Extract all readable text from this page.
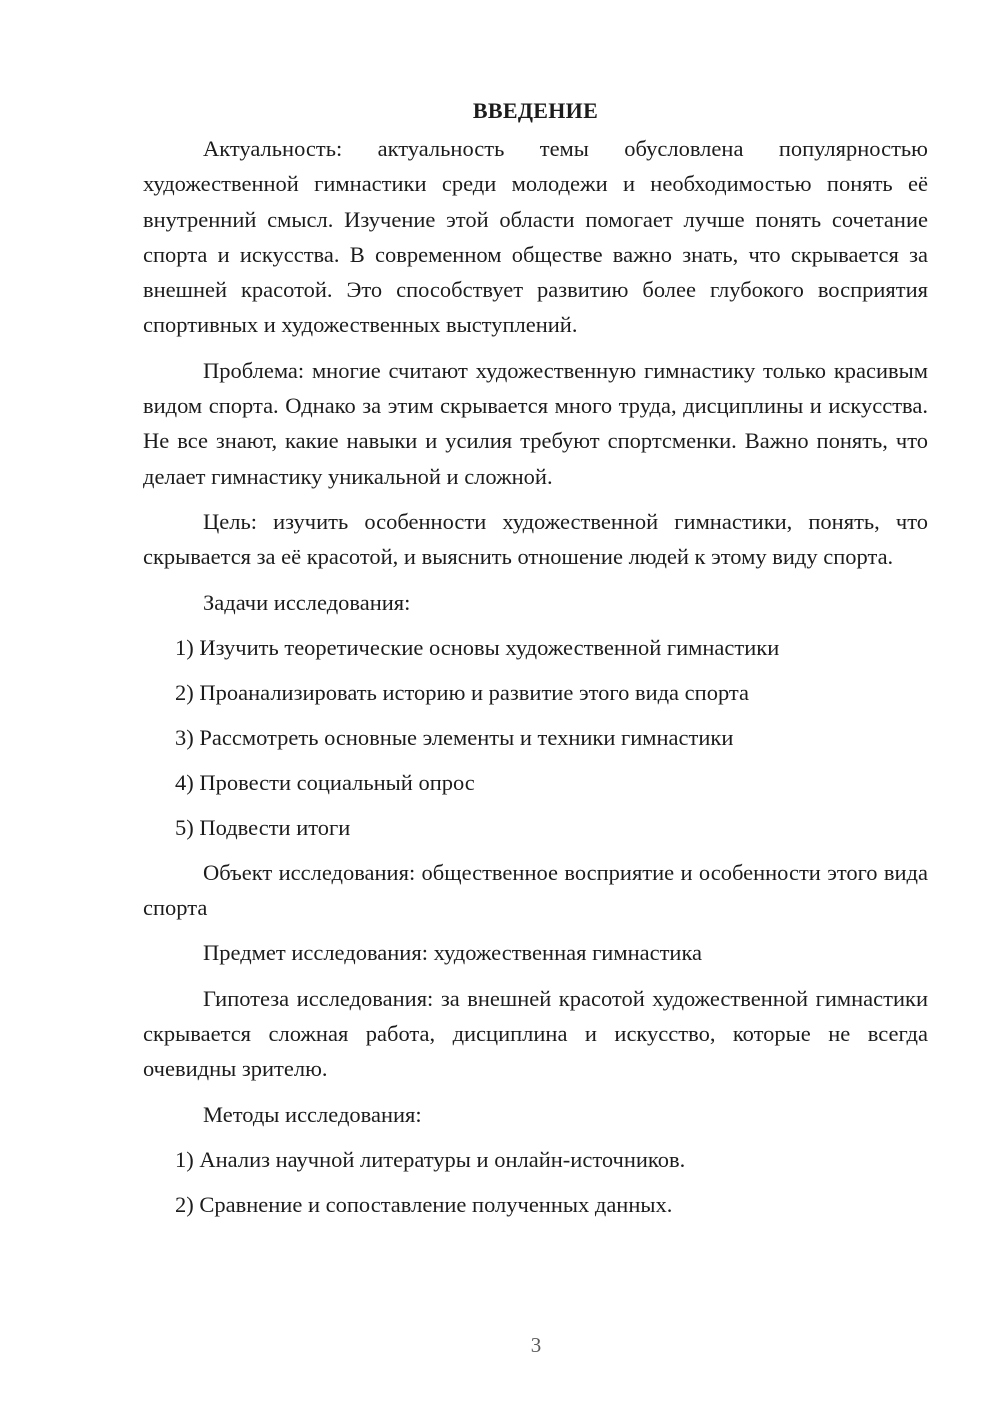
ВВЕДЕНИЕ

Актуальность: актуальность темы обусловлена популярностью художественной гимнастики среди молодежи и необходимостью понять её внутренний смысл. Изучение этой области помогает лучше понять сочетание спорта и искусства. В современном обществе важно знать, что скрывается за внешней красотой. Это способствует развитию более глубокого восприятия спортивных и художественных выступлений.

Проблема: многие считают художественную гимнастику только красивым видом спорта. Однако за этим скрывается много труда, дисциплины и искусства. Не все знают, какие навыки и усилия требуют спортсменки. Важно понять, что делает гимнастику уникальной и сложной.

Цель: изучить особенности художественной гимнастики, понять, что скрывается за её красотой, и выяснить отношение людей к этому виду спорта.

Задачи исследования:

1) Изучить теоретические основы художественной гимнастики

2) Проанализировать историю и развитие этого вида спорта

3) Рассмотреть основные элементы и техники гимнастики

4) Провести социальный опрос

5) Подвести итоги

Объект исследования: общественное восприятие и особенности этого вида спорта

Предмет исследования: художественная гимнастика

Гипотеза исследования: за внешней красотой художественной гимнастики скрывается сложная работа, дисциплина и искусство, которые не всегда очевидны зрителю.

Методы исследования:

1) Анализ научной литературы и онлайн-источников.

2) Сравнение и сопоставление полученных данных.

3
